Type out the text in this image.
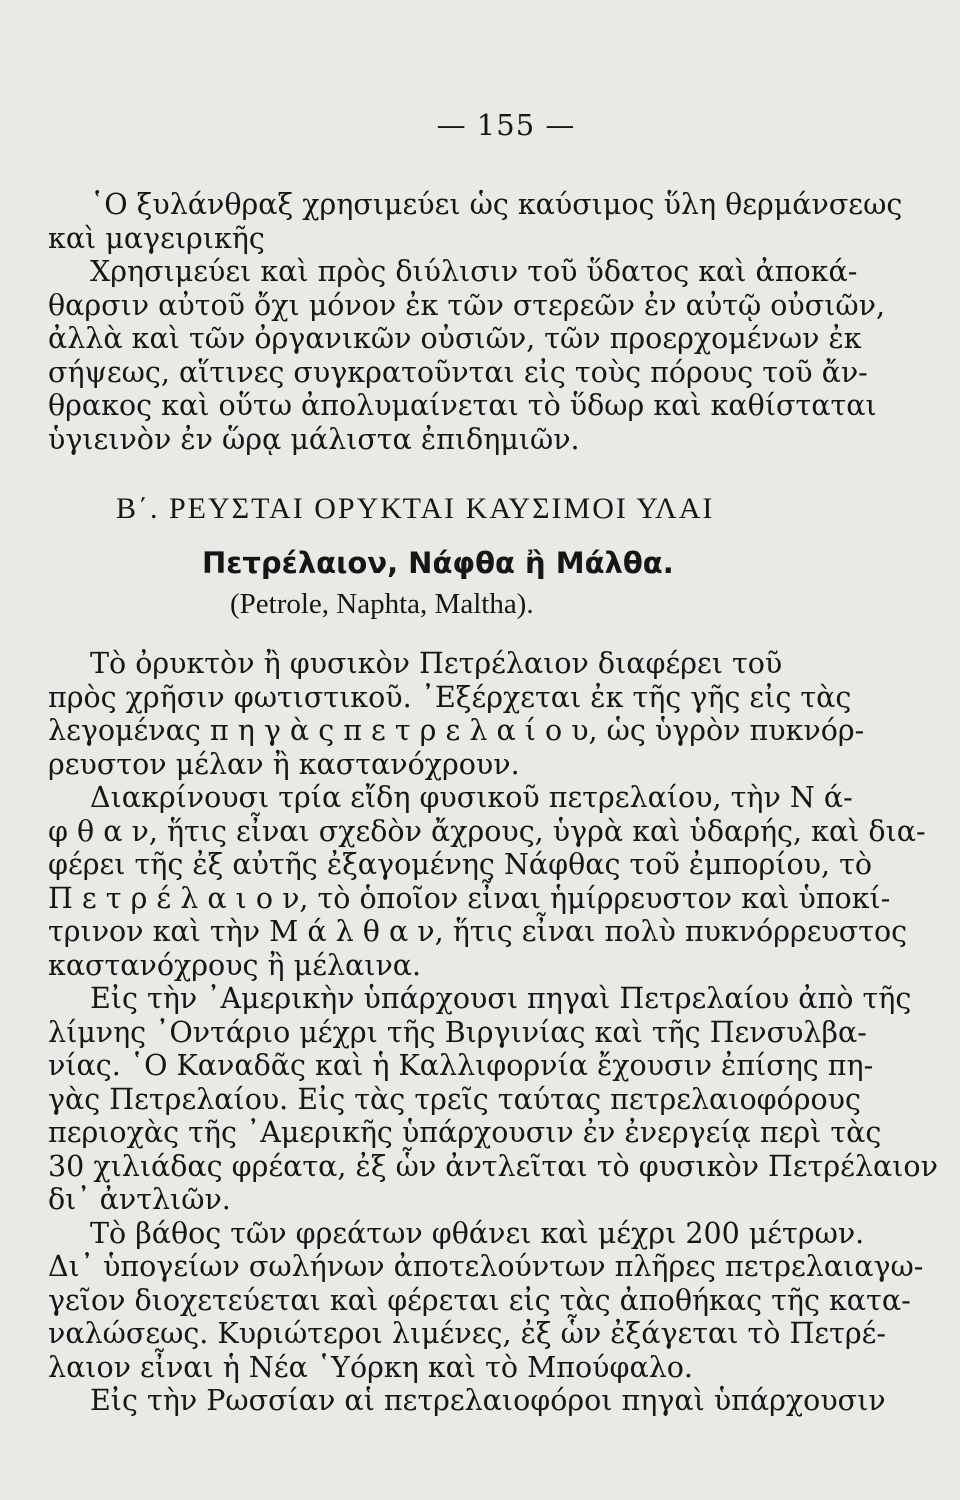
— 155 —

῾Ο ξυλάνθραξ χρησιμεύει ὡς καύσιμος ὕλη θερμάνσεως
καὶ μαγειρικῆς

Χρησιμεύει καὶ πρὸς διύλισιν τοῦ ὕδατος καὶ ἀποκά-
θαρσιν αὐτοῦ ὄχι μόνον ἐκ τῶν στερεῶν ἐν αὐτῷ οὐσιῶν,
ἀλλὰ καὶ τῶν ὀργανικῶν οὐσιῶν, τῶν προερχομένων ἐκ
σήψεως, αἵτινες συγκρατοῦνται εἰς τοὺς πόρους τοῦ ἄν-
θρακος καὶ οὕτω ἀπολυμαίνεται τὸ ὕδωρ καὶ καθίσταται
ὑγιεινὸν ἐν ὥρᾳ μάλιστα ἐπιδημιῶν.

Β΄. ΡΕΥΣΤΑΙ ΟΡΥΚΤΑΙ ΚΑΥΣΙΜΟΙ ΥΛΑΙ
Πετρέλαιον, Νάφθα ἢ Μάλθα.
(Petrole, Naphta, Maltha).

Τὸ ὀρυκτὸν ἢ φυσικὸν Πετρέλαιον διαφέρει τοῦ
πρὸς χρῆσιν φωτιστικοῦ. ᾿Εξέρχεται ἐκ τῆς γῆς εἰς τὰς
λεγομένας π η γ ὰ ς π ε τ ρ ε λ α ί ο υ, ὡς ὑγρὸν πυκνόρ-
ρευστον μέλαν ἢ καστανόχρουν.

Διακρίνουσι τρία εἴδη φυσικοῦ πετρελαίου, τὴν Ν ά-
φ θ α ν, ἥτις εἶναι σχεδὸν ἄχρους, ὑγρὰ καὶ ὑδαρής, καὶ δια-
φέρει τῆς ἐξ αὐτῆς ἐξαγομένης Νάφθας τοῦ ἐμπορίου, τὸ
Π ε τ ρ έ λ α ι ο ν, τὸ ὁποῖον εἶναι ἡμίρρευστον καὶ ὑποκί-
τρινον καὶ τὴν Μ ά λ θ α ν, ἥτις εἶναι πολὺ πυκνόρρευστος
καστανόχρους ἢ μέλαινα.

Εἰς τὴν ᾿Αμερικὴν ὑπάρχουσι πηγαὶ Πετρελαίου ἀπὸ τῆς
λίμνης ᾿Οντάριο μέχρι τῆς Βιργινίας καὶ τῆς Πενσυλβα-
νίας. ῾Ο Καναδᾶς καὶ ἡ Καλλιφορνία ἔχουσιν ἐπίσης πη-
γὰς Πετρελαίου. Εἰς τὰς τρεῖς ταύτας πετρελαιοφόρους
περιοχὰς τῆς ᾿Αμερικῆς ὑπάρχουσιν ἐν ἐνεργείᾳ περὶ τὰς
30 χιλιάδας φρέατα, ἐξ ὧν ἀντλεῖται τὸ φυσικὸν Πετρέλαιον
δι᾿ ἀντλιῶν.

Τὸ βάθος τῶν φρεάτων φθάνει καὶ μέχρι 200 μέτρων.
Δι᾿ ὑπογείων σωλήνων ἀποτελούντων πλῆρες πετρελαιαγω-
γεῖον διοχετεύεται καὶ φέρεται εἰς τὰς ἀποθήκας τῆς κατα-
ναλώσεως. Κυριώτεροι λιμένες, ἐξ ὧν ἐξάγεται τὸ Πετρέ-
λαιον εἶναι ἡ Νέα ῾Υόρκη καὶ τὸ Μπούφαλο.

Εἰς τὴν Ρωσσίαν αἱ πετρελαιοφόροι πηγαὶ ὑπάρχουσιν
